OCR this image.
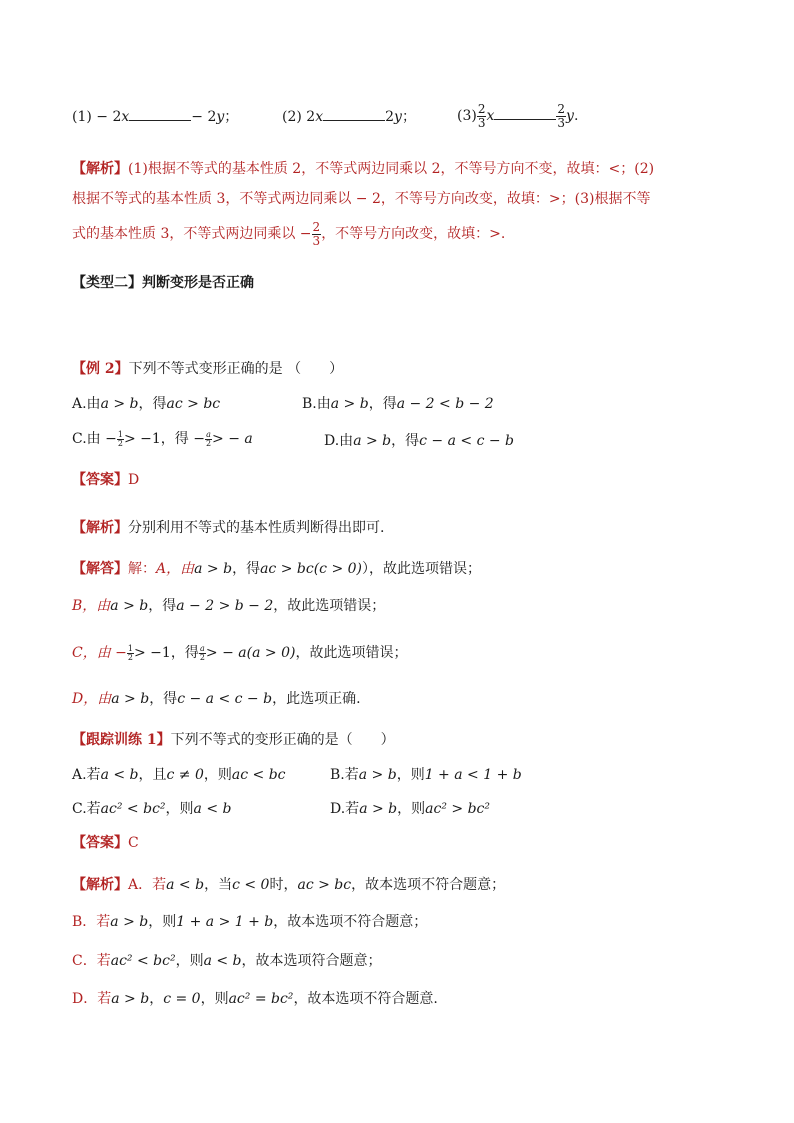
(1) − 2x	− 2y；	(2) 2x	2y；	$(3) \frac{2}{3}$ x	$\frac{2}{3} y$.
【解析】(1)根据不等式的基本性质 2，不等式两边同乘以 2，不等号方向不变，故填：<；(2)
根据不等式的基本性质 3，不等式两边同乘以 − 2，不等号方向改变，故填：>；(3)根据不等
式的基本性质 3，不等式两边同乘以 − $\frac{2}{3}$ ，不等号方向改变，故填：>.
【类型二】判断变形是否正确
【例 2】下列不等式变形正确的是 （　　）
A.由a > b，得ac > bc	B.由a > b，得a − 2 < b − 2
C.由 − $\frac{1}{2} > -1$，得 − $\frac{a}{2}$ > − a	D.由a > b，得c − a < c − b
【答案】D
【解析】分别利用不等式的基本性质判断得出即可.
【解答】解：A，由a > b，得ac > bc(c > 0)），故此选项错误；
B，由a > b，得a − 2 > b − 2，故此选项错误；
C，由 − $\frac{1}{2} > -1$，得 $\frac{a}{2}$ > − a(a > 0)，故此选项错误；
D，由a > b，得c − a < c − b，此选项正确.
【跟踪训练 1】下列不等式的变形正确的是（　　）
A.若a < b，且c ≠ 0，则ac < bc	B.若a > b，则1 + a < 1 + b
C.若ac² < bc²，则a < b	D.若a > b，则ac² > bc²
【答案】C
【解析】A．若a < b，当c < 0时，ac > bc，故本选项不符合题意；
B．若a > b，则1 + a > 1 + b，故本选项不符合题意；
C．若ac² < bc²，则a < b，故本选项符合题意；
D．若a > b，c = 0，则ac² = bc²，故本选项不符合题意.
